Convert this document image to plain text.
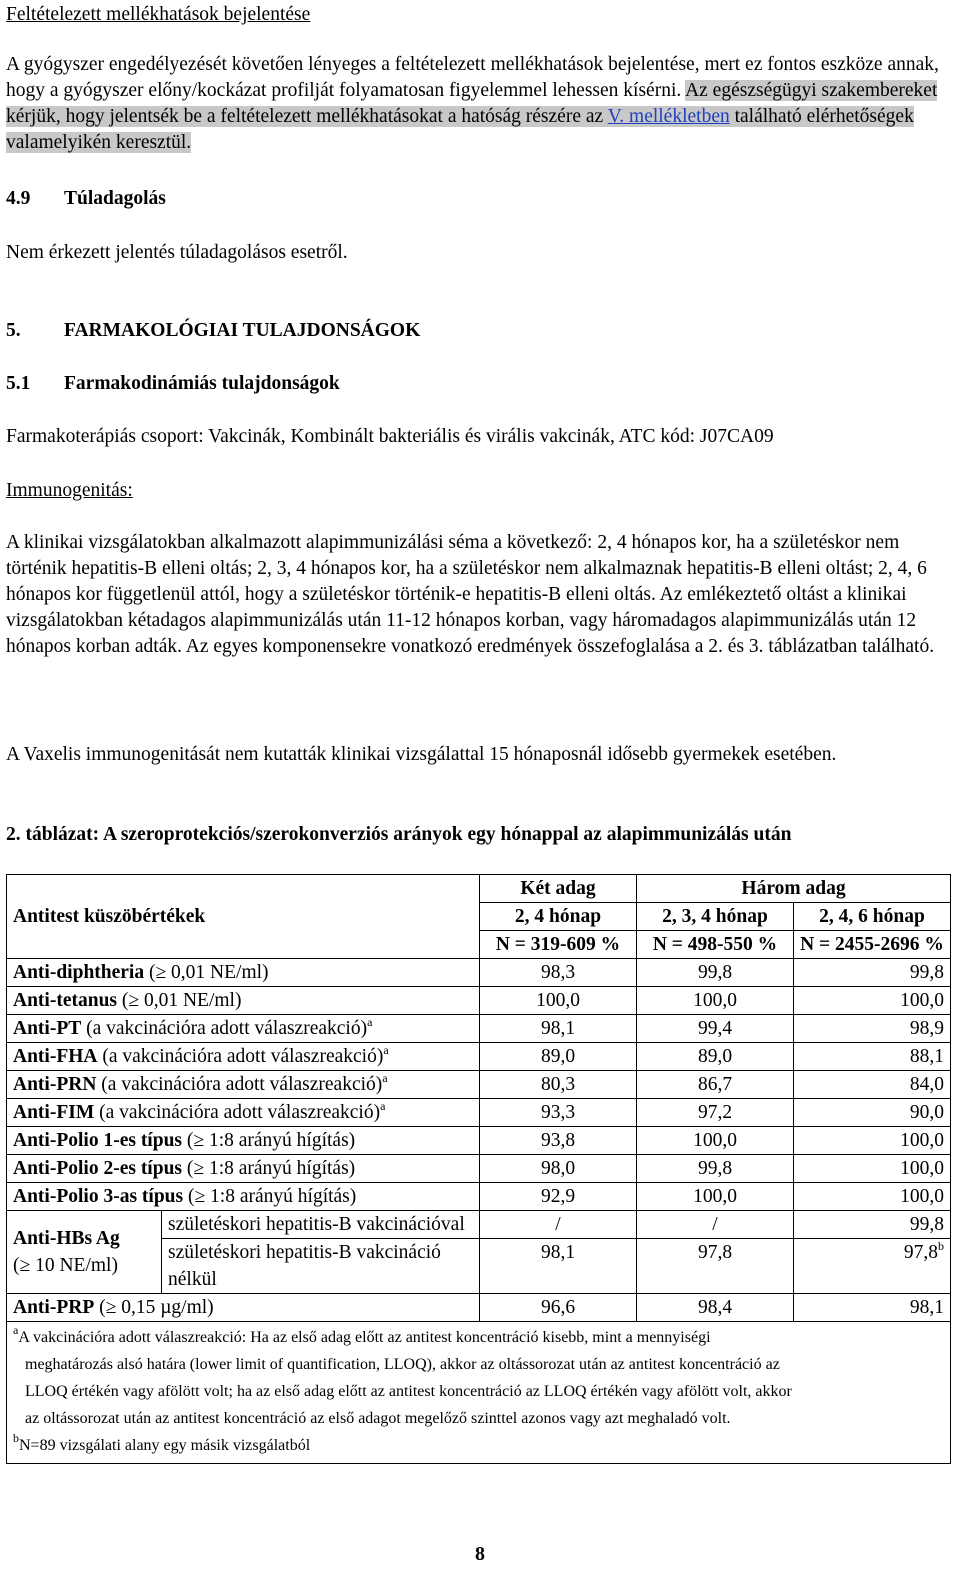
Feltételezett mellékhatások bejelentése

A gyógyszer engedélyezését követően lényeges a feltételezett mellékhatások bejelentése, mert ez fontos eszköze annak, hogy a gyógyszer előny/kockázat profilját folyamatosan figyelemmel lehessen kísérni. Az egészségügyi szakembereket kérjük, hogy jelentsék be a feltételezett mellékhatásokat a hatóság részére az V. mellékletben található elérhetőségek valamelyikén keresztül.

4.9 Túladagolás

Nem érkezett jelentés túladagolásos esetről.

5. FARMAKOLÓGIAI TULAJDONSÁGOK

5.1 Farmakodinámiás tulajdonságok

Farmakoterápiás csoport: Vakcinák, Kombinált bakteriális és virális vakcinák, ATC kód: J07CA09

Immunogenitás:

A klinikai vizsgálatokban alkalmazott alapimmunizálási séma a következő: 2, 4 hónapos kor, ha a születéskor nem történik hepatitis-B elleni oltás; 2, 3, 4 hónapos kor, ha a születéskor nem alkalmaznak hepatitis-B elleni oltást; 2, 4, 6 hónapos kor függetlenül attól, hogy a születéskor történik-e hepatitis-B elleni oltás. Az emlékeztető oltást a klinikai vizsgálatokban kétadagos alapimmunizálás után 11-12 hónapos korban, vagy háromadagos alapimmunizálás után 12 hónapos korban adták. Az egyes komponensekre vonatkozó eredmények összefoglalása a 2. és 3. táblázatban található.

A Vaxelis immunogenitását nem kutatták klinikai vizsgálattal 15 hónaposnál idősebb gyermekek esetében.

2. táblázat: A szeroprotekciós/szerokonverziós arányok egy hónappal az alapimmunizálás után

Antitest küszöbértékek		Két adag	Három adag	
		2, 4 hónap	2, 3, 4 hónap	2, 4, 6 hónap
		N = 319-609 %	N = 498-550 %	N = 2455-2696 %
Anti-diphtheria (≥ 0,01 NE/ml)		98,3	99,8	99,8
Anti-tetanus (≥ 0,01 NE/ml)		100,0	100,0	100,0
Anti-PT (a vakcinációra adott válaszreakció)$^a$		98,1	99,4	98,9
Anti-FHA (a vakcinációra adott válaszreakció)$^a$		89,0	89,0	88,1
Anti-PRN (a vakcinációra adott válaszreakció)$^a$		80,3	86,7	84,0
Anti-FIM (a vakcinációra adott válaszreakció)$^a$		93,3	97,2	90,0
Anti-Polio 1-es típus (≥ 1:8 arányú hígítás)		93,8	100,0	100,0
Anti-Polio 2-es típus (≥ 1:8 arányú hígítás)		98,0	99,8	100,0
Anti-Polio 3-as típus (≥ 1:8 arányú hígítás)		92,9	100,0	100,0
Anti-HBs Ag
(≥ 10 NE/ml)	születéskori hepatitis-B vakcinációval	/	/	99,8

	születéskori hepatitis-B vakcináció nélkül	98,1	97,8	97,8$^b$

Anti-PRP (≥ 0,15 µg/ml)		96,6	98,4	98,1

$^a$A vakcinációra adott válaszreakció: Ha az első adag előtt az antitest koncentráció kisebb, mint a mennyiségi
meghatározás alsó határa (lower limit of quantification, LLOQ), akkor az oltássorozat után az antitest koncentráció az
LLOQ értékén vagy afölött volt; ha az első adag előtt az antitest koncentráció az LLOQ értékén vagy afölött volt, akkor
az oltássorozat után az antitest koncentráció az első adagot megelőző szinttel azonos vagy azt meghaladó volt.
$^b$N=89 vizsgálati alany egy másik vizsgálatból				
8
